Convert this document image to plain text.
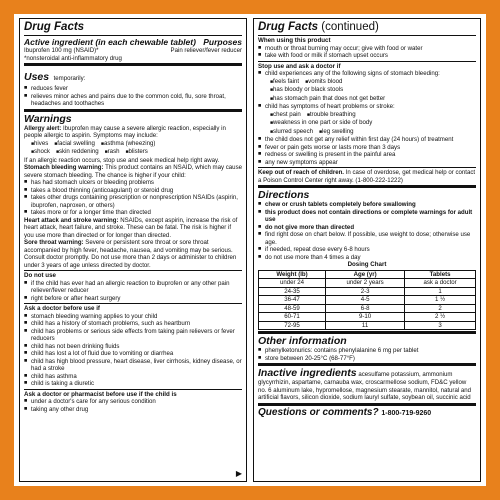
Drug Facts
Active ingredient (in each chewable tablet) Purposes
Ibuprofen 100 mg (NSAID)*	Pain reliever/fever reducer
*nonsteroidal anti-inflammatory drug
Uses temporarily:
■ reduces fever
■ relieves minor aches and pains due to the common cold, flu, sore throat, headaches and toothaches
Warnings
Allergy alert: Ibuprofen may cause a severe allergic reaction, especially in people allergic to aspirin. Symptoms may include:
■ hives	■ facial swelling	■ asthma (wheezing)
■ shock	■ skin reddening	■ rash	■ blisters
If an allergic reaction occurs, stop use and seek medical help right away.
Stomach bleeding warning: This product contains an NSAID, which may cause severe stomach bleeding. The chance is higher if your child:
■ has had stomach ulcers or bleeding problems
■ takes a blood thinning (anticoagulant) or steroid drug
■ takes other drugs containing prescription or nonprescription NSAIDs (aspirin, ibuprofen, naproxen, or others)
■ takes more or for a longer time than directed
Heart attack and stroke warning: NSAIDs, except aspirin, increase the risk of heart attack, heart failure, and stroke. These can be fatal. The risk is higher if you use more than directed or for longer than directed.
Sore throat warning: Severe or persistent sore throat or sore throat accompanied by high fever, headache, nausea, and vomiting may be serious. Consult doctor promptly. Do not use more than 2 days or administer to children under 3 years of age unless directed by doctor.
Do not use
■ if the child has ever had an allergic reaction to ibuprofen or any other pain reliever/fever reducer
■ right before or after heart surgery
Ask a doctor before use if
■ stomach bleeding warning applies to your child
■ child has a history of stomach problems, such as heartburn
■ child has problems or serious side effects from taking pain relievers or fever reducers
■ child has not been drinking fluids
■ child has lost a lot of fluid due to vomiting or diarrhea
■ child has high blood pressure, heart disease, liver cirrhosis, kidney disease, or had a stroke
■ child has asthma
■ child is taking a diuretic
Ask a doctor or pharmacist before use if the child is
■ under a doctor's care for any serious condition
■ taking any other drug
▶
Drug Facts (continued)
When using this product
■ mouth or throat burning may occur; give with food or water
■ take with food or milk if stomach upset occurs
Stop use and ask a doctor if
■ child experiences any of the following signs of stomach bleeding:
■ feels faint	■ vomits blood
■ has bloody or black stools
■ has stomach pain that does not get better
■ child has symptoms of heart problems or stroke:
■ chest pain	■ trouble breathing
■ weakness in one part or side of body
■ slurred speech	■ leg swelling
■ the child does not get any relief within first day (24 hours) of treatment
■ fever or pain gets worse or lasts more than 3 days
■ redness or swelling is present in the painful area
■ any new symptoms appear
Keep out of reach of children. In case of overdose, get medical help or contact a Poison Control Center right away. (1-800-222-1222)
Directions
■ chew or crush tablets completely before swallowing
■ this product does not contain directions or complete warnings for adult use
■ do not give more than directed
■ find right dose on chart below. If possible, use weight to dose; otherwise use age.
■ if needed, repeat dose every 6-8 hours
■ do not use more than 4 times a day
Dosing Chart
Weight (lb)	Age (yr)	Tablets
under 24	under 2 years	ask a doctor
24-35	2-3	1
36-47	4-5	1 ½
48-59	6-8	2
60-71	9-10	2 ½
72-95	11	3
Other information
■ phenylketonurics: contains phenylalanine 6 mg per tablet
■ store between 20-25°C (68-77°F)
Inactive ingredients acesulfame potassium, ammonium glycyrrhizin, aspartame, carnauba wax, croscarmellose sodium, FD&C yellow no. 6 aluminum lake, hypromellose, magnesium stearate, mannitol, natural and artificial flavors, silicon dioxide, sodium lauryl sulfate, soybean oil, succinic acid
Questions or comments? 1-800-719-9260
